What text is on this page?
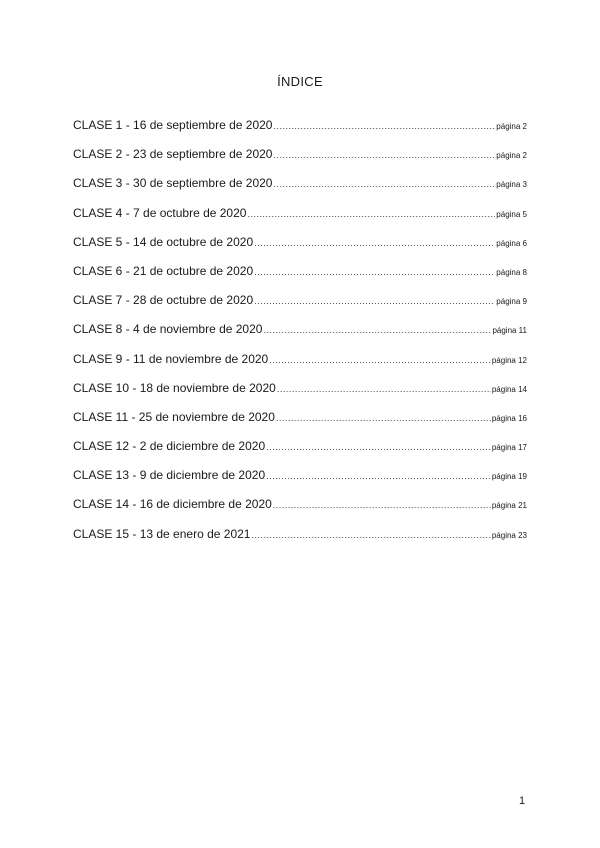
ÍNDICE
CLASE 1 - 16 de septiembre de 2020 .....	página 2
CLASE 2 - 23 de septiembre de 2020 .....	página 2
CLASE 3 - 30 de septiembre de 2020 .....	página 3
CLASE 4 - 7 de octubre de 2020 .....	página 5
CLASE 5 - 14 de octubre de 2020 .....	página 6
CLASE 6 - 21 de octubre de 2020 .....	página 8
CLASE 7 - 28 de octubre de 2020 .....	página 9
CLASE 8 - 4 de noviembre de 2020 .....	página 11
CLASE 9 - 11 de noviembre de 2020 .....	página 12
CLASE 10 - 18 de noviembre de 2020 .....	página 14
CLASE 11 - 25 de noviembre de 2020 .....	página 16
CLASE 12 - 2 de diciembre de 2020 .....	página 17
CLASE 13 - 9 de diciembre de 2020 .....	página 19
CLASE 14 - 16 de diciembre de 2020 .....	página 21
CLASE 15 - 13 de enero de 2021 .....	página 23
1
